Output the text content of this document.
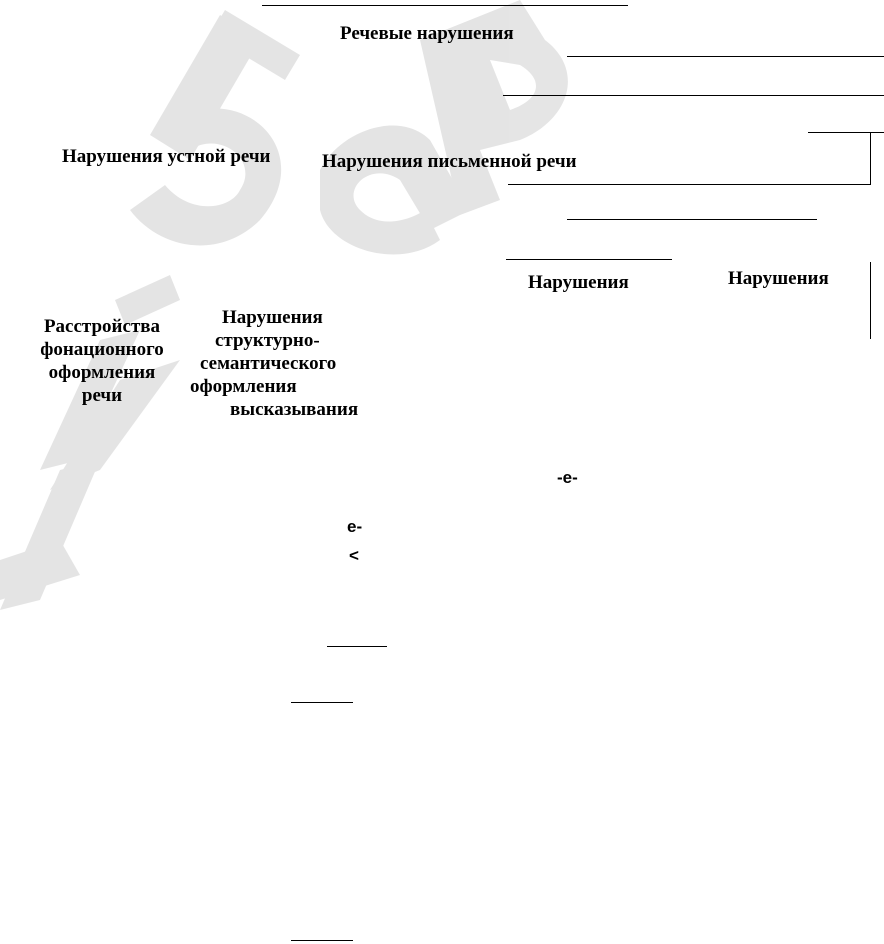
Речевые нарушения
Нарушения устной речи	Нарушения письменной речи
Нарушения	Нарушения
Расстройства
фонационного
оформления
речи
Нарушения
структурно-
семантического
оформления
высказывания
-e-
e-
<
